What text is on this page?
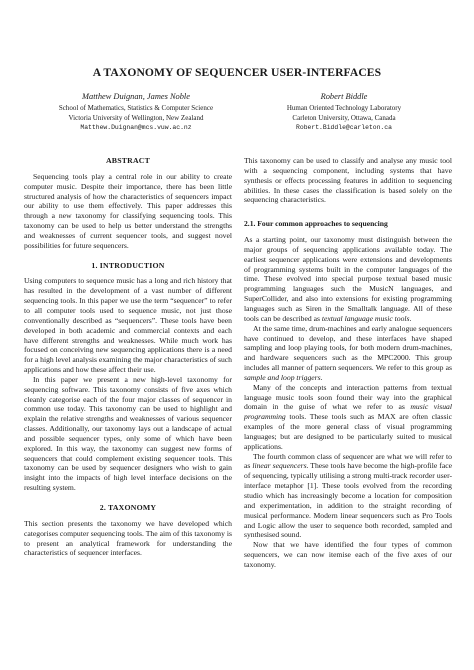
A TAXONOMY OF SEQUENCER USER-INTERFACES
Matthew Duignan, James Noble
School of Mathematics, Statistics & Computer Science
Victoria University of Wellington, New Zealand
Matthew.Duignan@mcs.vuw.ac.nz
Robert Biddle
Human Oriented Technology Laboratory
Carleton University, Ottawa, Canada
Robert.Biddle@carleton.ca
ABSTRACT

Sequencing tools play a central role in our ability to create computer music. Despite their importance, there has been little structured analysis of how the characteristics of sequencers impact our ability to use them effectively. This paper addresses this through a new taxonomy for classifying sequencing tools. This taxonomy can be used to help us better understand the strengths and weaknesses of current sequencer tools, and suggest novel possibilities for future sequencers.

1. INTRODUCTION

Using computers to sequence music has a long and rich history that has resulted in the development of a vast number of different sequencing tools. In this paper we use the term “sequencer” to refer to all computer tools used to sequence music, not just those conventionally described as “sequencers”. These tools have been developed in both academic and commercial contexts and each have different strengths and weaknesses. While much work has focused on conceiving new sequencing applications there is a need for a high level analysis examining the major characteristics of such applications and how these affect their use.

In this paper we present a new high-level taxonomy for sequencing software. This taxonomy consists of five axes which cleanly categorise each of the four major classes of sequencer in common use today. This taxonomy can be used to highlight and explain the relative strengths and weaknesses of various sequencer classes. Additionally, our taxonomy lays out a landscape of actual and possible sequencer types, only some of which have been explored. In this way, the taxonomy can suggest new forms of sequencers that could complement existing sequencer tools. This taxonomy can be used by sequencer designers who wish to gain insight into the impacts of high level interface decisions on the resulting system.

2. TAXONOMY

This section presents the taxonomy we have developed which categorises computer sequencing tools. The aim of this taxonomy is to present an analytical framework for understanding the characteristics of sequencer interfaces.

This taxonomy can be used to classify and analyse any music tool with a sequencing component, including systems that have synthesis or effects processing features in addition to sequencing abilities. In these cases the classification is based solely on the sequencing characteristics.

2.1. Four common approaches to sequencing

As a starting point, our taxonomy must distinguish between the major groups of sequencing applications available today. The earliest sequencer applications were extensions and developments of programming systems built in the computer languages of the time. These evolved into special purpose textual based music programming languages such the MusicN languages, and SuperCollider, and also into extensions for existing programming languages such as Siren in the Smalltalk language. All of these tools can be described as textual language music tools.

At the same time, drum-machines and early analogue sequencers have continued to develop, and these interfaces have shaped sampling and loop playing tools, for both modern drum-machines, and hardware sequencers such as the MPC2000. This group includes all manner of pattern sequencers. We refer to this group as sample and loop triggers.

Many of the concepts and interaction patterns from textual language music tools soon found their way into the graphical domain in the guise of what we refer to as music visual programming tools. These tools such as MAX are often classic examples of the more general class of visual programming languages; but are designed to be particularly suited to musical applications.

The fourth common class of sequencer are what we will refer to as linear sequencers. These tools have become the high-profile face of sequencing, typically utilising a strong multi-track recorder user-interface metaphor [1]. These tools evolved from the recording studio which has increasingly become a location for composition and experimentation, in addition to the straight recording of musical performance. Modern linear sequencers such as Pro Tools and Logic allow the user to sequence both recorded, sampled and synthesised sound.

Now that we have identified the four types of common sequencers, we can now itemise each of the five axes of our taxonomy.
